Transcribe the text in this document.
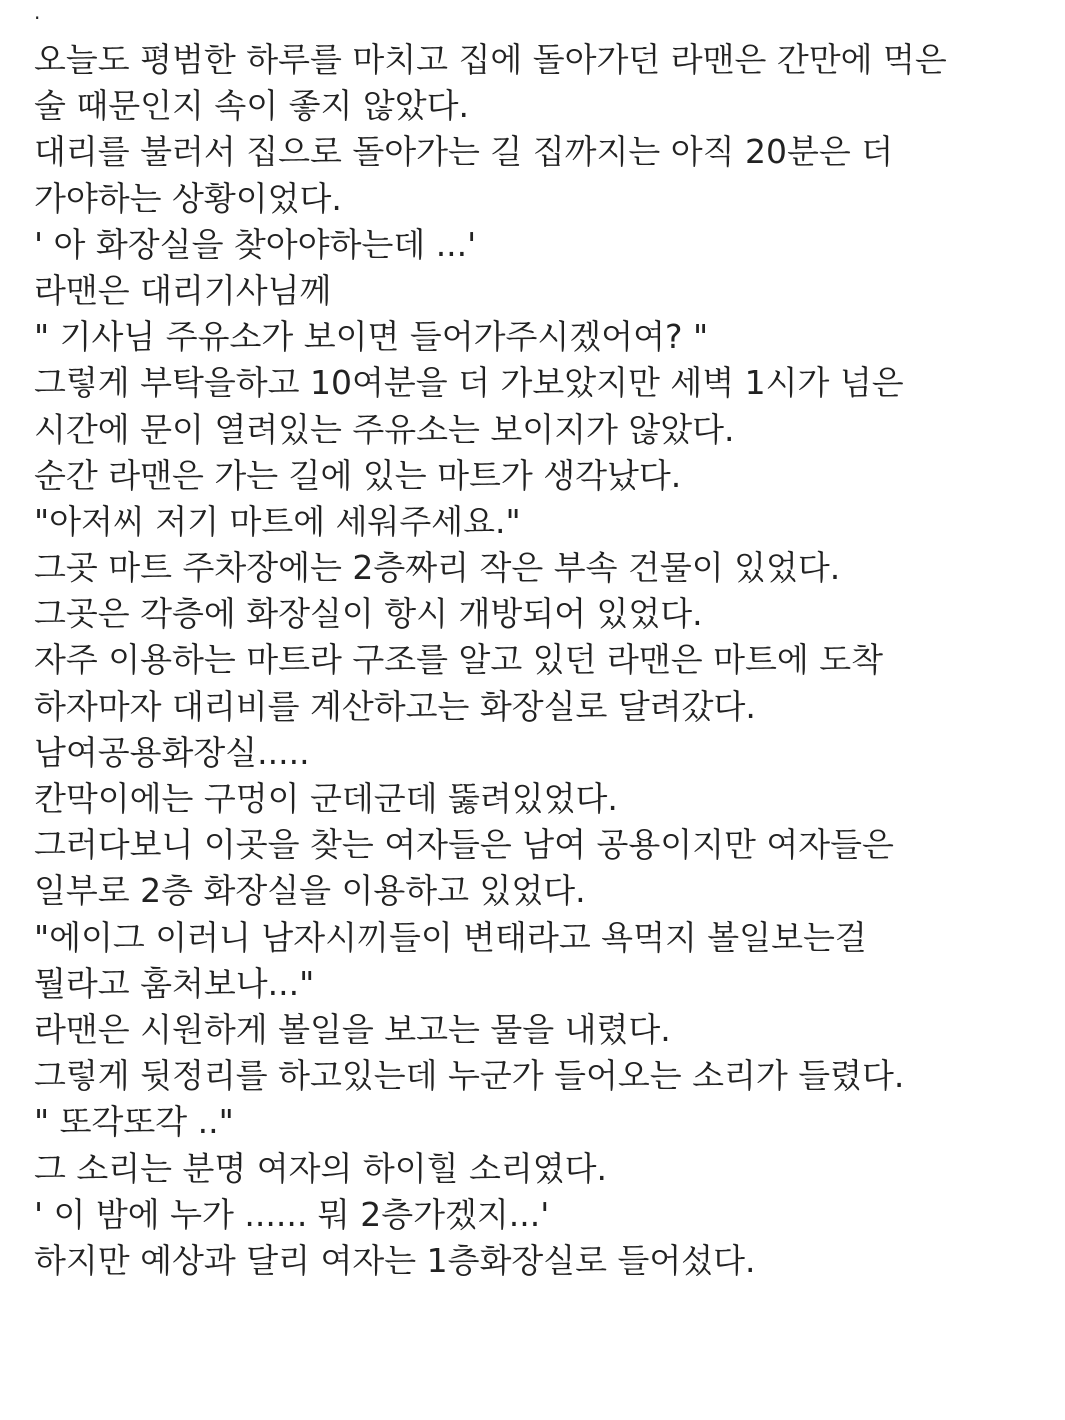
.
오늘도 평범한 하루를 마치고 집에 돌아가던 라맨은 간만에 먹은
술 때문인지 속이 좋지 않았다.
대리를 불러서 집으로 돌아가는 길 집까지는 아직 20분은 더
가야하는 상황이었다.
' 아 화장실을 찾아야하는데 ...'
라맨은 대리기사님께
" 기사님 주유소가 보이면 들어가주시겠어여? "
그렇게 부탁을하고 10여분을 더 가보았지만 세벽 1시가 넘은
시간에 문이 열려있는 주유소는 보이지가 않았다.
순간 라맨은 가는 길에 있는 마트가 생각났다.
"아저씨 저기 마트에 세워주세요."
그곳 마트 주차장에는 2층짜리 작은 부속 건물이 있었다.
그곳은 각층에 화장실이 항시 개방되어 있었다.
자주 이용하는 마트라 구조를 알고 있던 라맨은 마트에 도착
하자마자 대리비를 계산하고는 화장실로 달려갔다.
남여공용화장실.....
칸막이에는 구멍이 군데군데 뚫려있었다.
그러다보니 이곳을 찾는 여자들은 남여 공용이지만 여자들은
일부로 2층 화장실을 이용하고 있었다.
"에이그 이러니 남자시끼들이 변태라고 욕먹지 볼일보는걸
뭘라고 훔처보나..."
라맨은 시원하게 볼일을 보고는 물을 내렸다.
그렇게 뒷정리를 하고있는데 누군가 들어오는 소리가 들렸다.
" 또각또각 .."
그 소리는 분명 여자의 하이힐 소리였다.
' 이 밤에 누가 ...... 뭐 2층가겠지...'
하지만 예상과 달리 여자는 1층화장실로 들어섰다.
